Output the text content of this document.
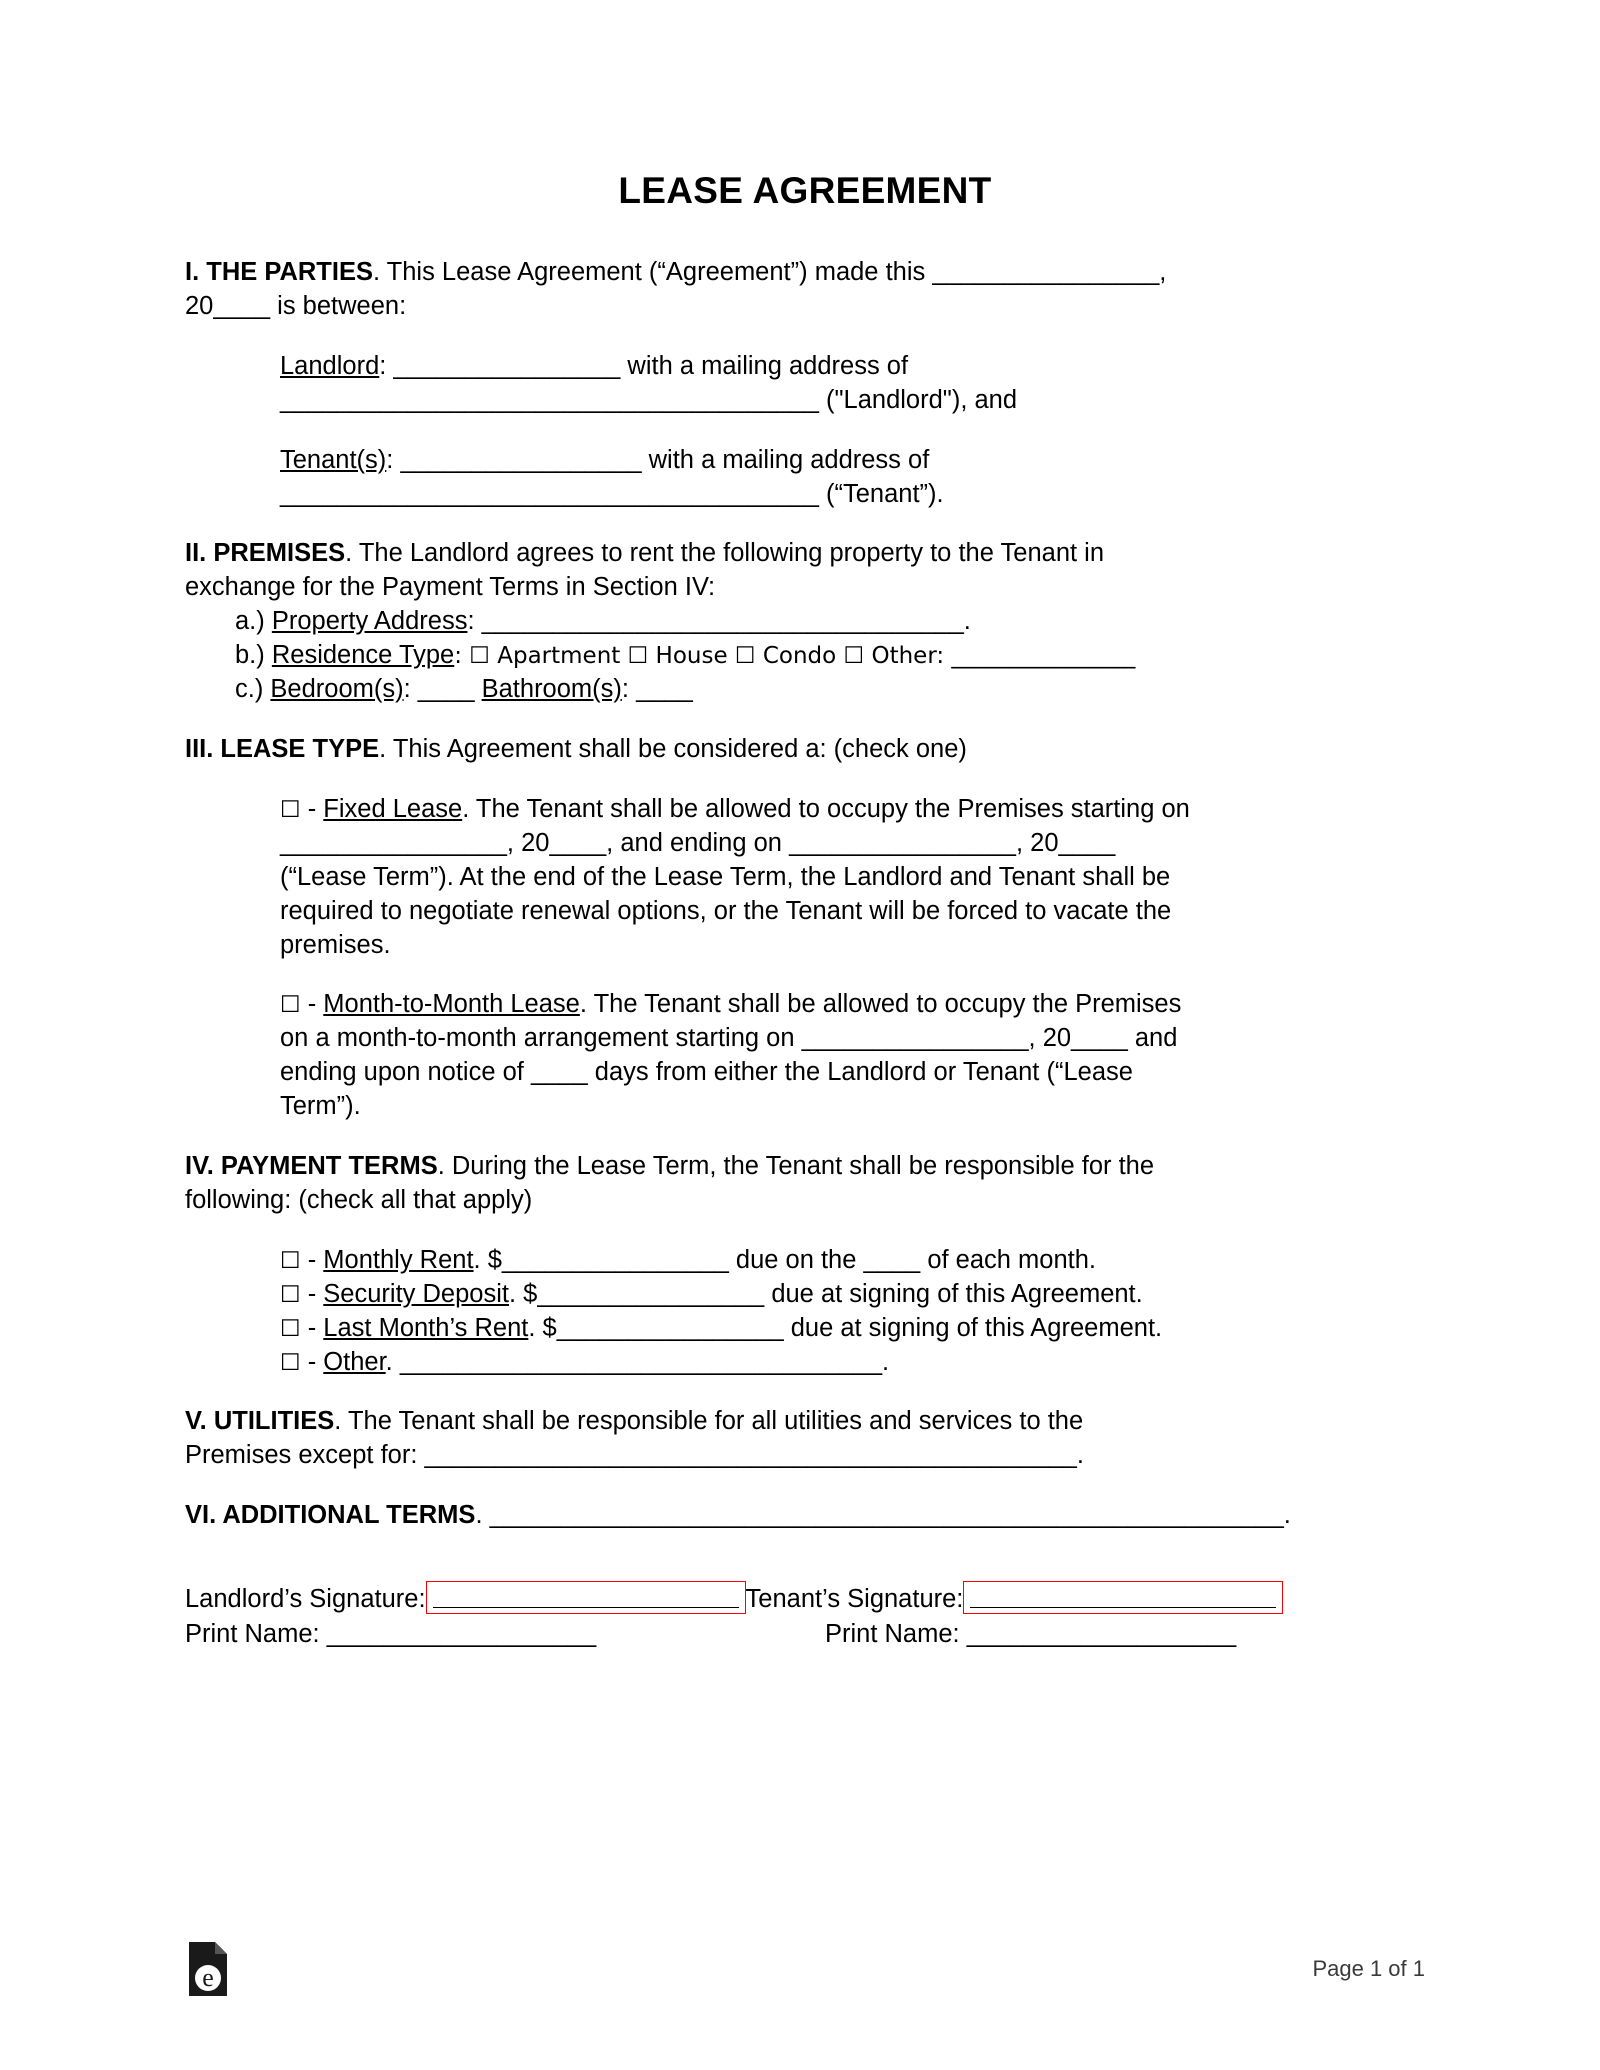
LEASE AGREEMENT
I. THE PARTIES. This Lease Agreement (“Agreement”) made this ________________,
20____ is between:
Landlord: ________________ with a mailing address of
______________________________________ ("Landlord"), and
Tenant(s): _________________ with a mailing address of
______________________________________ (“Tenant”).
II. PREMISES. The Landlord agrees to rent the following property to the Tenant in
exchange for the Payment Terms in Section IV:
a.) Property Address: __________________________________.
b.) Residence Type: ☐ Apartment ☐ House ☐ Condo ☐ Other: ________________
c.) Bedroom(s): ____ Bathroom(s): ____
III. LEASE TYPE. This Agreement shall be considered a: (check one)
☐ - Fixed Lease. The Tenant shall be allowed to occupy the Premises starting on
________________, 20____, and ending on ________________, 20____
(“Lease Term”). At the end of the Lease Term, the Landlord and Tenant shall be
required to negotiate renewal options, or the Tenant will be forced to vacate the
premises.
☐ - Month-to-Month Lease. The Tenant shall be allowed to occupy the Premises
on a month-to-month arrangement starting on ________________, 20____ and
ending upon notice of ____ days from either the Landlord or Tenant (“Lease
Term”).
IV. PAYMENT TERMS. During the Lease Term, the Tenant shall be responsible for the
following: (check all that apply)
☐ - Monthly Rent. $________________ due on the ____ of each month.
☐ - Security Deposit. $________________ due at signing of this Agreement.
☐ - Last Month’s Rent. $________________ due at signing of this Agreement.
☐ - Other. __________________________________.
V. UTILITIES. The Tenant shall be responsible for all utilities and services to the
Premises except for: ______________________________________________.
VI. ADDITIONAL TERMS. ________________________________________________________.
Landlord’s Signature:	Tenant’s Signature:
Print Name: ___________________	Print Name: ___________________
e	Page 1 of 1
